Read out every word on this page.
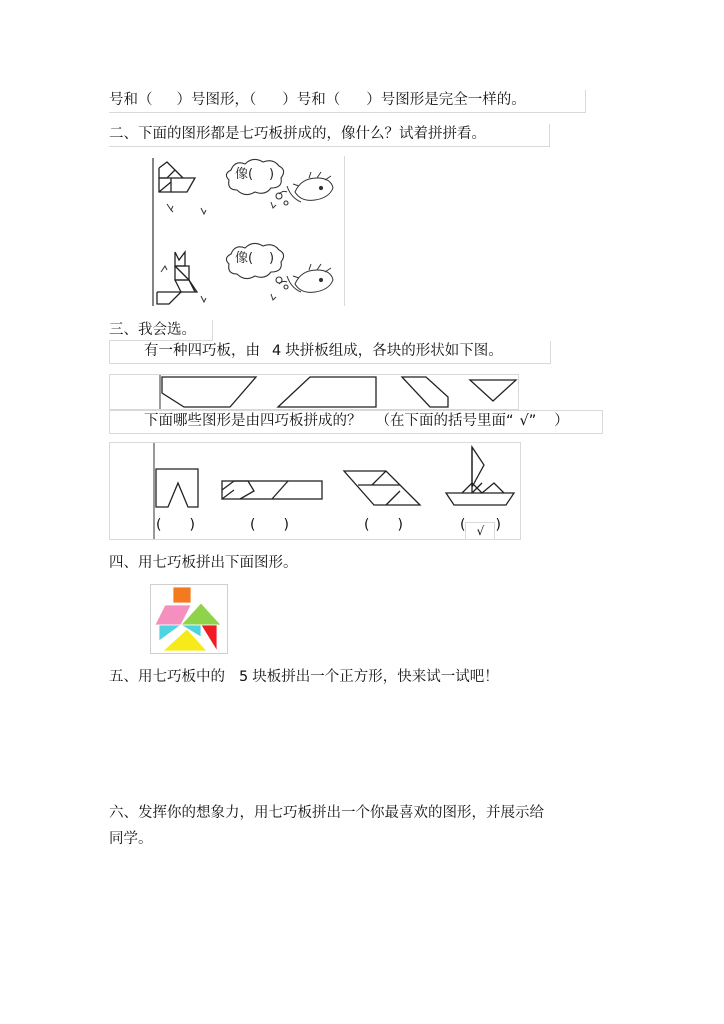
号和（ ）号图形，（ ）号和（ ）号图形是完全一样的。
二、下面的图形都是七巧板拼成的，像什么？试着拼拼看。
像( )
像( )
三、我会选。
有一种四巧板，由 4 块拼板组成，各块的形状如下图。
下面哪些图形是由四巧板拼成的？ （在下面的括号里面“ √” ）
( )	( )	( )	( √ )
四、用七巧板拼出下面图形。
五、用七巧板中的 5 块板拼出一个正方形，快来试一试吧！
六、发挥你的想象力，用七巧板拼出一个你最喜欢的图形，并展示给
同学。
